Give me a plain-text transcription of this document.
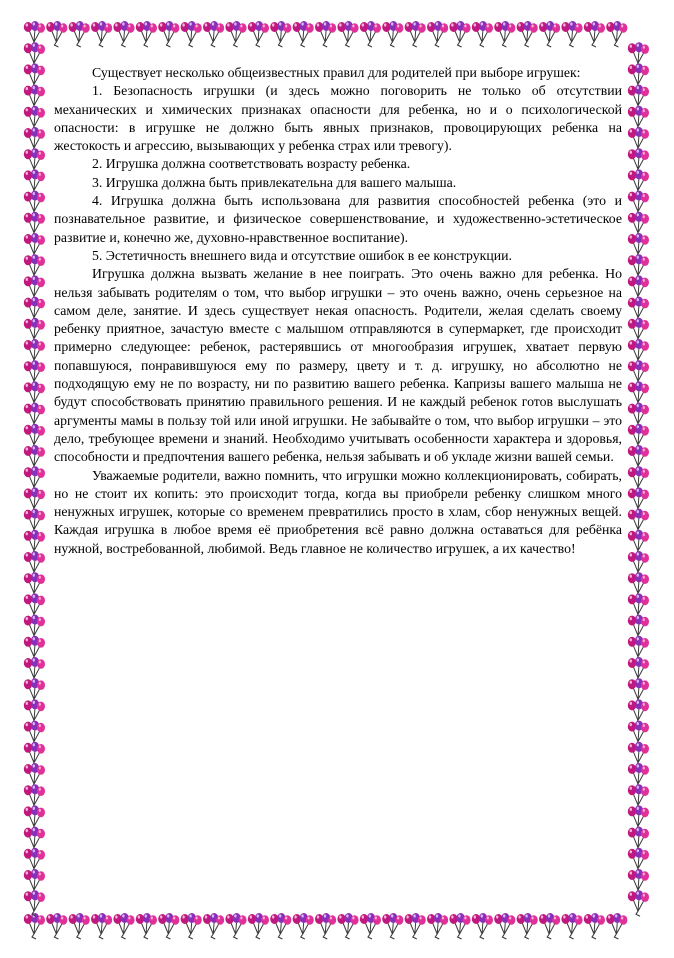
Существует несколько общеизвестных правил для родителей при выборе игрушек:

1. Безопасность игрушки (и здесь можно поговорить не только об отсутствии механических и химических признаках опасности для ребенка, но и о психологической опасности: в игрушке не должно быть явных признаков, провоцирующих ребенка на жестокость и агрессию, вызывающих у ребенка страх или тревогу).

2. Игрушка должна соответствовать возрасту ребенка.

3. Игрушка должна быть привлекательна для вашего малыша.

4. Игрушка должна быть использована для развития способностей ребенка (это и познавательное развитие, и физическое совершенствование, и художественно-эстетическое развитие и, конечно же, духовно-нравственное воспитание).

5. Эстетичность внешнего вида и отсутствие ошибок в ее конструкции.

Игрушка должна вызвать желание в нее поиграть. Это очень важно для ребенка. Но нельзя забывать родителям о том, что выбор игрушки – это очень важно, очень серьезное на самом деле, занятие. И здесь существует некая опасность. Родители, желая сделать своему ребенку приятное, зачастую вместе с малышом отправляются в супермаркет, где происходит примерно следующее: ребенок, растерявшись от многообразия игрушек, хватает первую попавшуюся, понравившуюся ему по размеру, цвету и т. д. игрушку, но абсолютно не подходящую ему не по возрасту, ни по развитию вашего ребенка. Капризы вашего малыша не будут способствовать принятию правильного решения. И не каждый ребенок готов выслушать аргументы мамы в пользу той или иной игрушки. Не забывайте о том, что выбор игрушки – это дело, требующее времени и знаний. Необходимо учитывать особенности характера и здоровья, способности и предпочтения вашего ребенка, нельзя забывать и об укладе жизни вашей семьи.

Уважаемые родители, важно помнить, что игрушки можно коллекционировать, собирать, но не стоит их копить: это происходит тогда, когда вы приобрели ребенку слишком много ненужных игрушек, которые со временем превратились просто в хлам, сбор ненужных вещей. Каждая игрушка в любое время её приобретения всё равно должна оставаться для ребёнка нужной, востребованной, любимой. Ведь главное не количество игрушек, а их качество!
